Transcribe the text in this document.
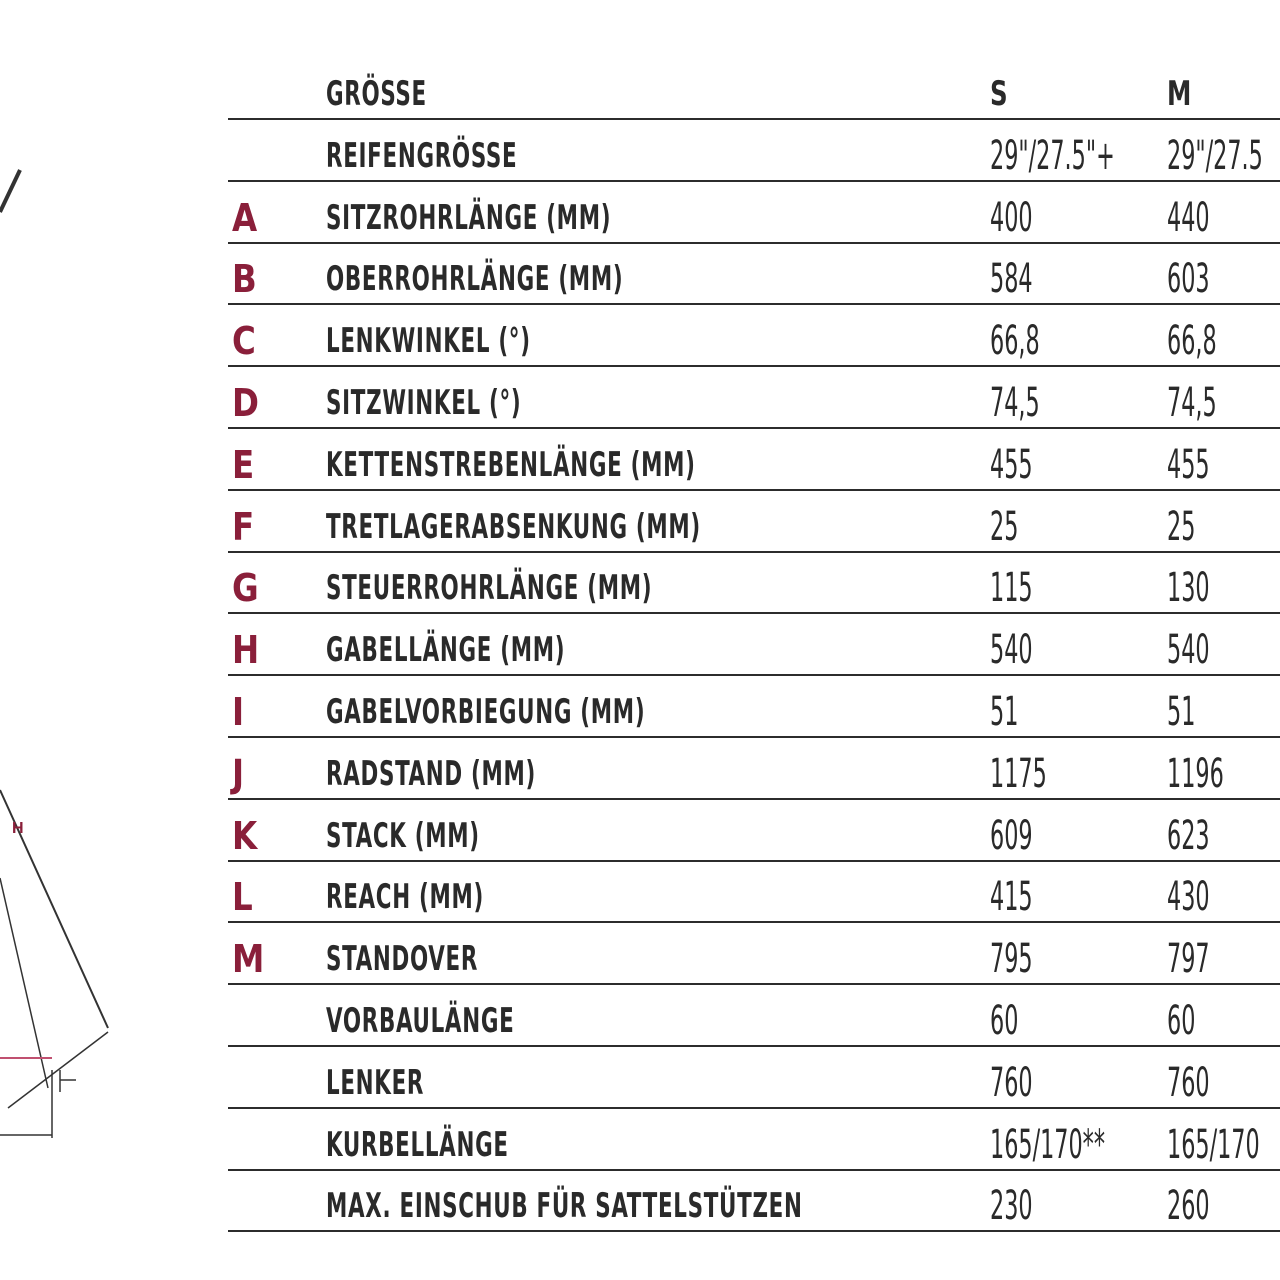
H
GRÖSSE	S	M
REIFENGRÖSSE	29"/27.5"+ 29"/27.5
A SITZROHRLÄNGE (MM)	400	440
B OBERROHRLÄNGE (MM)	584	603
C LENKWINKEL (°)	66,8	66,8
D SITZWINKEL (°)	74,5	74,5
E KETTENSTREBENLÄNGE (MM)	455	455
F TRETLAGERABSENKUNG (MM)	25	25
G STEUERROHRLÄNGE (MM)	115	130
H GABELLÄNGE (MM)	540	540
I GABELVORBIEGUNG (MM)	51	51
J RADSTAND (MM)	1175	1196
K STACK (MM)	609	623
L REACH (MM)	415	430
M STANDOVER	795	797
VORBAULÄNGE	60	60
LENKER	760	760
KURBELLÄNGE	165/170** 165/170
MAX. EINSCHUB FÜR SATTELSTÜTZEN	230	260
